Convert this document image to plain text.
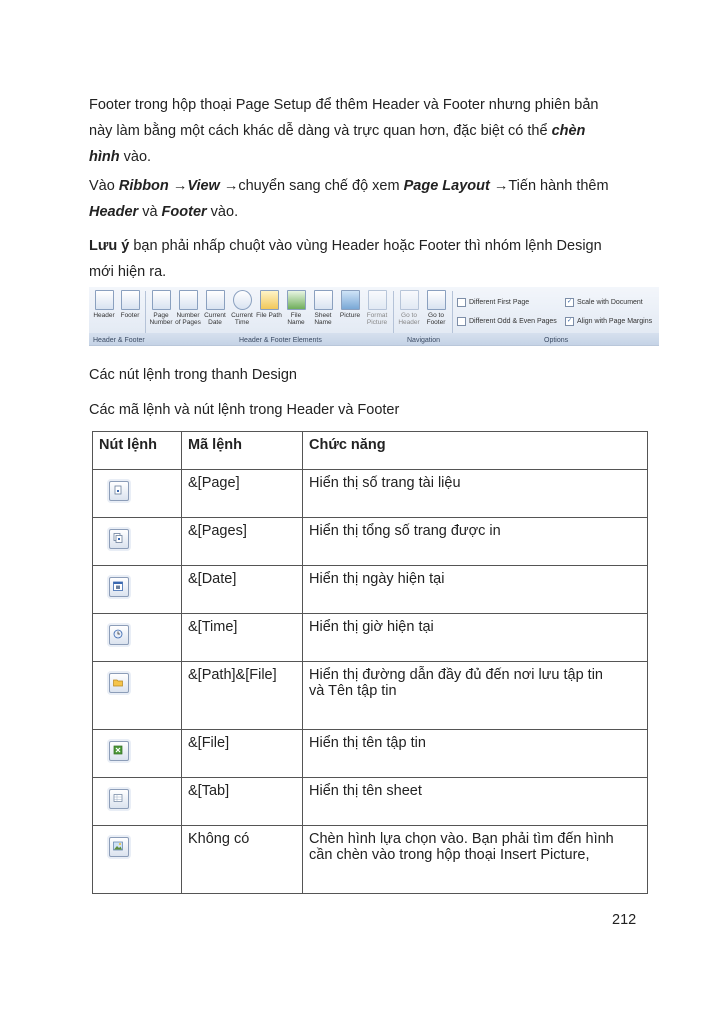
Footer trong hộp thoại Page Setup để thêm Header và Footer nhưng phiên bản
này làm bằng một cách khác dễ dàng và trực quan hơn, đặc biệt có thể chèn
hình vào.
Vào Ribbon →View →chuyển sang chế độ xem Page Layout →Tiến hành thêm
Header và Footer vào.
Lưu ý bạn phải nhấp chuột vào vùng Header hoặc Footer thì nhóm lệnh Design
mới hiện ra.
Header Footer	Page Number
Number of Pages
Current Date
Current Time
File Path	File Name
Sheet Name
Picture	Format Picture
Go to Header
Go to Footer
Different First Page
Different Odd & Even Pages
✓ Scale with Document
✓ Align with Page Margins
Header & Footer	Header & Footer Elements	Navigation	Options
Các nút lệnh trong thanh Design
Các mã lệnh và nút lệnh trong Header và Footer
Nút lệnh	Mã lệnh	Chức năng

	&[Page]	Hiển thị số trang tài liệu

	&[Pages]	Hiển thị tổng số trang được in

	&[Date]	Hiển thị ngày hiện tại

	&[Time]	Hiển thị giờ hiện tại

	&[Path]&[File]	Hiển thị đường dẫn đầy đủ đến nơi lưu tập tin
và Tên tập tin

	&[File]	Hiển thị tên tập tin

	&[Tab]	Hiển thị tên sheet

	Không có	Chèn hình lựa chọn vào. Bạn phải tìm đến hình
cần chèn vào trong hộp thoại Insert Picture,
212
